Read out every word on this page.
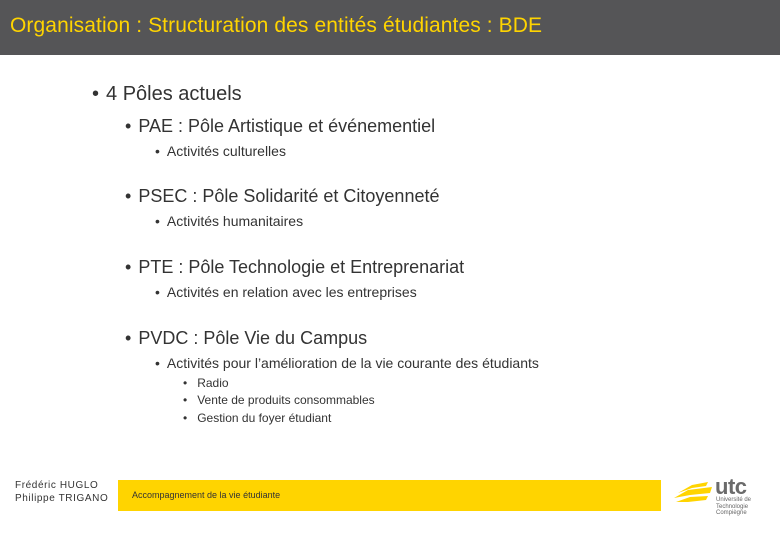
Organisation : Structuration des entités étudiantes : BDE
• 4 Pôles actuels
• PAE : Pôle Artistique et événementiel
• Activités culturelles
• PSEC : Pôle Solidarité et Citoyenneté
• Activités humanitaires
• PTE : Pôle Technologie et Entreprenariat
• Activités en relation avec les entreprises
• PVDC : Pôle Vie du Campus
• Activités pour l’amélioration de la vie courante des étudiants
• Radio
• Vente de produits consommables
• Gestion du foyer étudiant
Frédéric HUGLO
Philippe TRIGANO	Accompagnement de la vie étudiante	utc
Université de Technologie
Compiègne
